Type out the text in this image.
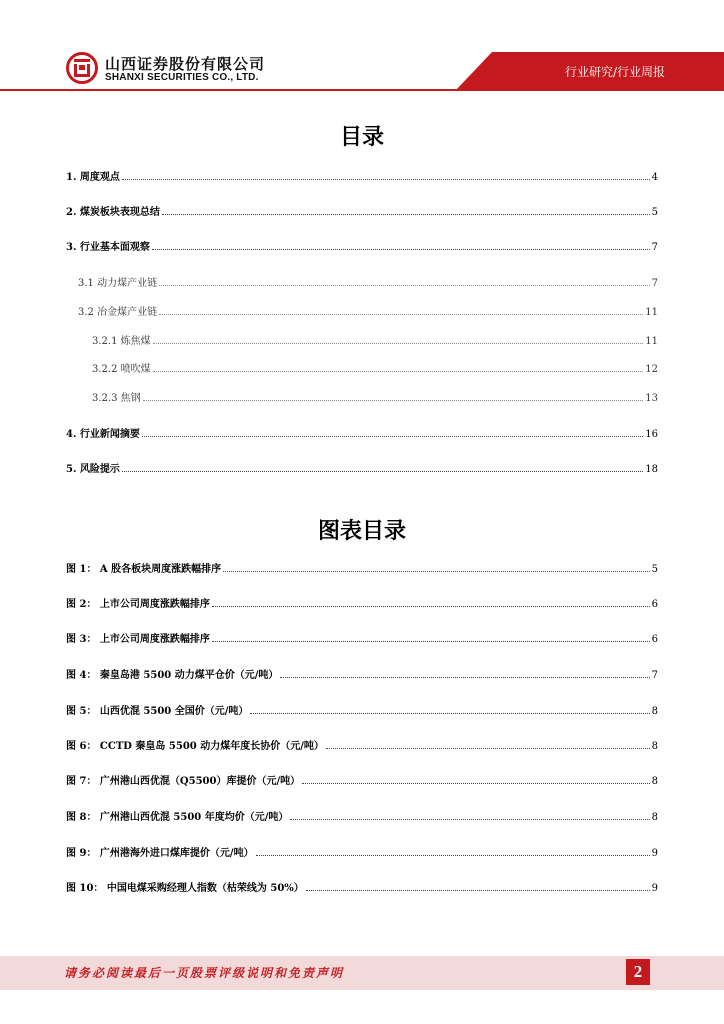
山西证券股份有限公司
SHANXI SECURITIES CO., LTD.	行业研究/行业周报
目录
1. 周度观点	4
2. 煤炭板块表现总结	5
3. 行业基本面观察	7
3.1 动力煤产业链	7
3.2 冶金煤产业链	11
3.2.1 炼焦煤	11
3.2.2 喷吹煤	12
3.2.3 焦钢	13
4. 行业新闻摘要	16
5. 风险提示	18
图表目录
图 1： A 股各板块周度涨跌幅排序	5
图 2： 上市公司周度涨跌幅排序	6
图 3： 上市公司周度涨跌幅排序	6
图 4： 秦皇岛港 5500 动力煤平仓价（元/吨）	7
图 5： 山西优混 5500 全国价（元/吨）	8
图 6： CCTD 秦皇岛 5500 动力煤年度长协价（元/吨）	8
图 7： 广州港山西优混（Q5500）库提价（元/吨）	8
图 8： 广州港山西优混 5500 年度均价（元/吨）	8
图 9： 广州港海外进口煤库提价（元/吨）	9
图 10： 中国电煤采购经理人指数（枯荣线为 50%）	9
请务必阅读最后一页股票评级说明和免责声明	2
